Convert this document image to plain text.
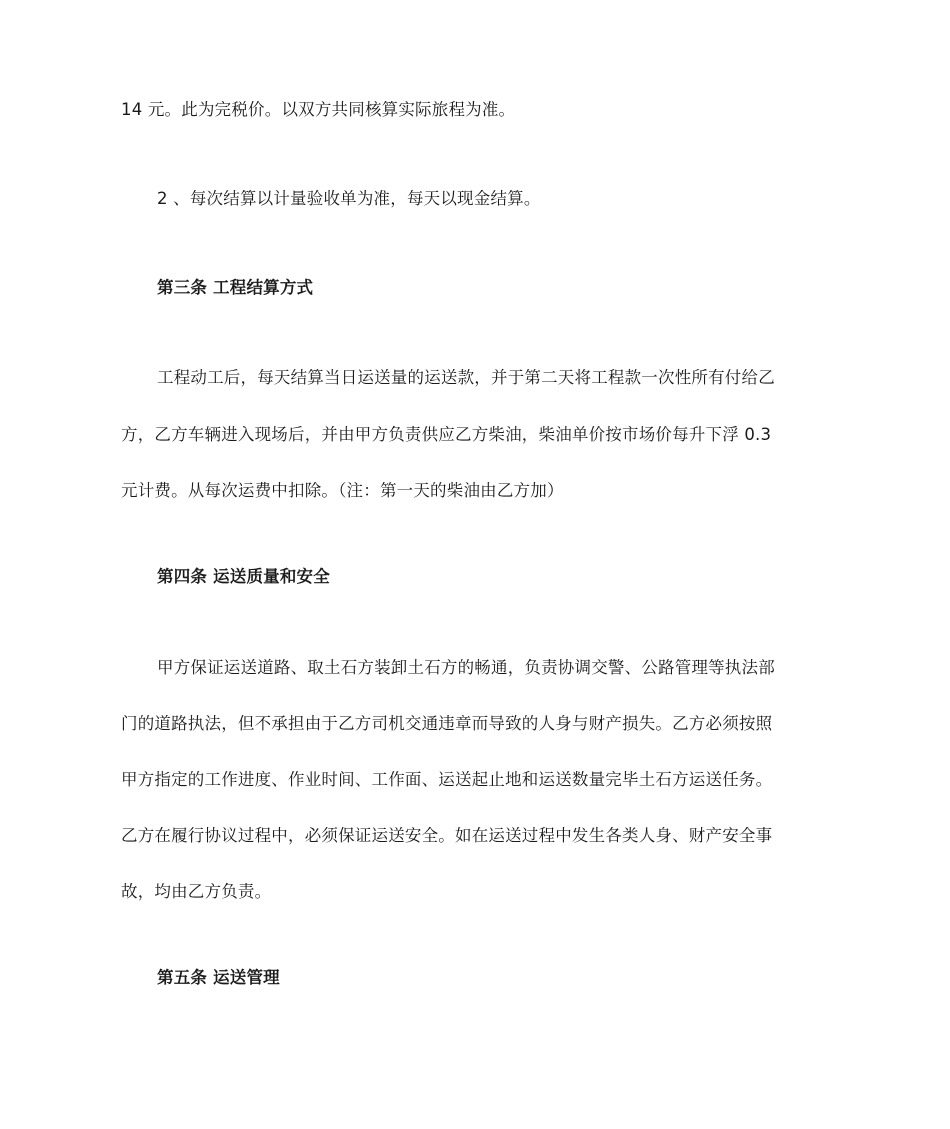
14 元。此为完税价。以双方共同核算实际旅程为准。
2 、每次结算以计量验收单为准，每天以现金结算。
第三条 工程结算方式
工程动工后，每天结算当日运送量的运送款，并于第二天将工程款一次性所有付给乙
方，乙方车辆进入现场后，并由甲方负责供应乙方柴油，柴油单价按市场价每升下浮 0.3
元计费。从每次运费中扣除。（注：第一天的柴油由乙方加）
第四条 运送质量和安全
甲方保证运送道路、取土石方装卸土石方的畅通，负责协调交警、公路管理等执法部
门的道路执法，但不承担由于乙方司机交通违章而导致的人身与财产损失。乙方必须按照
甲方指定的工作进度、作业时间、工作面、运送起止地和运送数量完毕土石方运送任务。
乙方在履行协议过程中，必须保证运送安全。如在运送过程中发生各类人身、财产安全事
故，均由乙方负责。
第五条 运送管理
